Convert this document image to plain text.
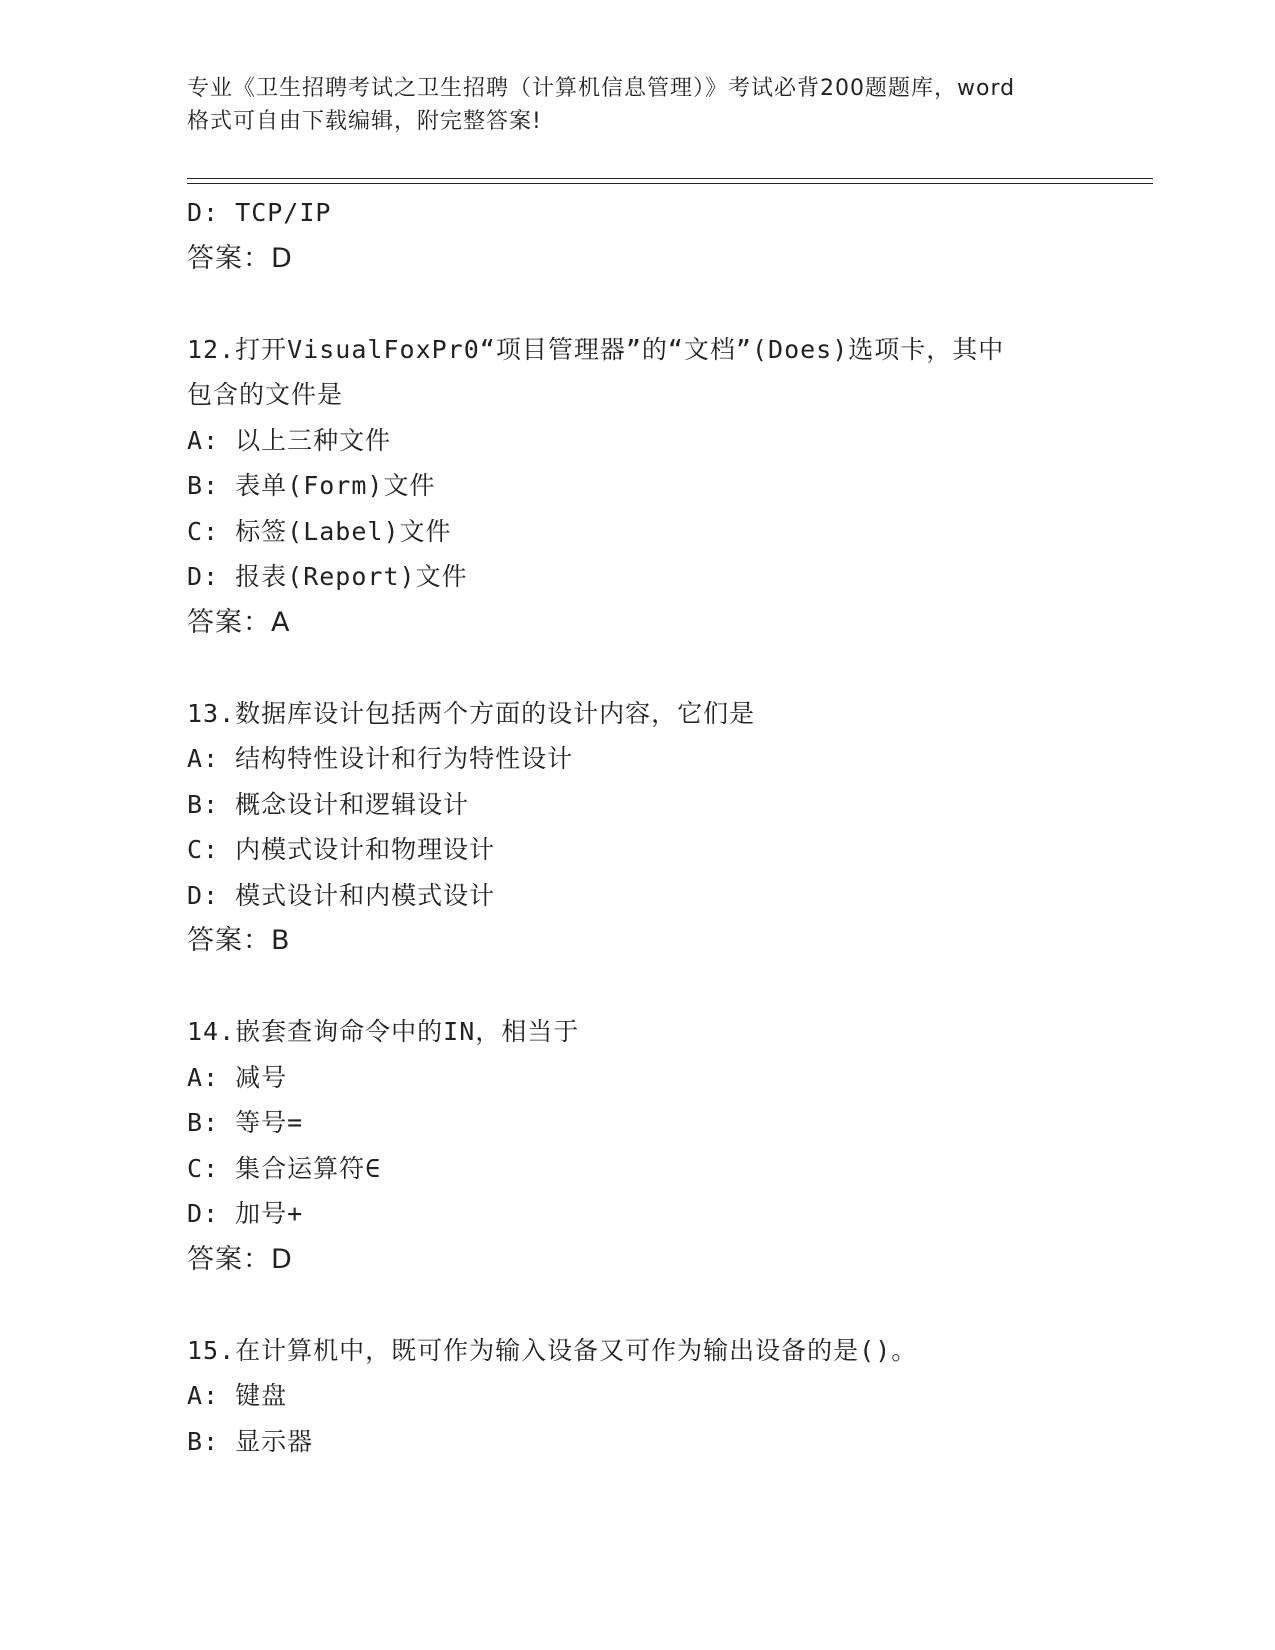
专业《卫生招聘考试之卫生招聘（计算机信息管理）》考试必背200题题库，word
格式可自由下载编辑，附完整答案!
D: TCP/IP
答案：D
12.打开VisualFoxPr0“项目管理器”的“文档”(Does)选项卡，其中
包含的文件是
A: 以上三种文件
B: 表单(Form)文件
C: 标签(Label)文件
D: 报表(Report)文件
答案：A
13.数据库设计包括两个方面的设计内容，它们是
A: 结构特性设计和行为特性设计
B: 概念设计和逻辑设计
C: 内模式设计和物理设计
D: 模式设计和内模式设计
答案：B
14.嵌套查询命令中的IN，相当于
A: 减号
B: 等号=
C: 集合运算符∈
D: 加号+
答案：D
15.在计算机中，既可作为输入设备又可作为输出设备的是()。
A: 键盘
B: 显示器
